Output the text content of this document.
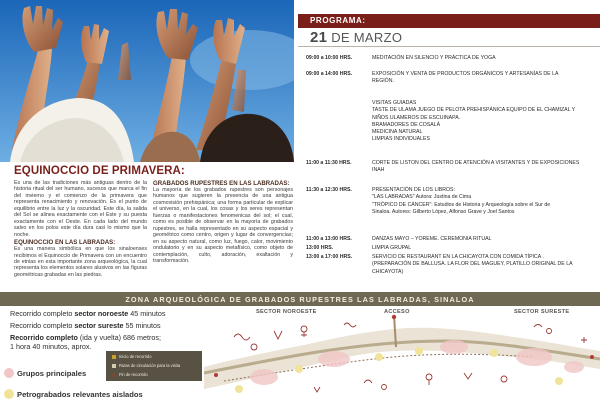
EQUINOCCIO DE PRIMAVERA:

Es una de las tradiciones más antiguas dentro de la historia ritual del ser humano, sucesos que marca el fin del invierno y el comienzo de la primavera que representa renacimiento y renovación. Es el punto de equilibrio entre la luz y la oscuridad. Este día, la salida del Sol se alinea exactamente con el Este y su puesta exactamente con el Oeste. En cada lado del mundo salvo en los polos este día dura casi lo mismo que la noche.

EQUINOCCIO EN LAS LABRADAS:

Es una manera simbólica en que los sinaloenses recibimos el Equinoccio de Primavera con un encuentro de etnias en esta importante zona arqueológica, la cual representa los elementos solares alusivos en las figuras geométricas grabadas en las piedras.

GRABADOS RUPESTRES EN LAS LABRADAS:

La mayoría de los grabados rupestres son personajes humanos que sugieren la presencia de una antigua cosmovisión prehispánica; una forma particular de explicar el universo, en la cual, los cosas y los seres representan fuerzas o manifestaciones fenomenicas del sol; el cual, como es posible de observar en la mayoría de grabados rupestres, se halla representado en su aspecto espacial y geométrico como centro, origen y lugar de convergencias; en su aspecto natural, como luz, fuego, calor, movimiento ondulatorio y en su aspecto metafísico, como objeto de contemplación, culto, adoración, exaltación y transformación.

PROGRAMA:
21 DE MARZO
09:00 a 10:00 HRS.	MEDITACIÓN EN SILENCIO Y PRÁCTICA DE YOGA
09:00 a 14:00 HRS.	EXPOSICIÓN Y VENTA DE PRODUCTOS ORGÁNICOS Y ARTESANÍAS DE LA
REGIÓN.
VISITAS GUIADAS
TASTE DE ULAMA JUEGO DE PELOTA PREHISPÁNICA EQUIPO DE EL CHAMIZAL Y
NIÑOS ULAMEROS DE ESCUINAPA.
BRAMADORES DE COSALÁ
MEDICINA NATURAL
LIMPIAS INDIVIDUALES
11:00 a 11:30 HRS.	CORTE DE LISTON DEL CENTRO DE ATENCIÓN A VISITANTES Y DE EXPOSICIONES
INAH
11:30 a 12:30 HRS.	PRESENTACIÓN DE LOS LIBROS:
"LAS LABRADAS" Autora: Justina de Cima
"TRÓPICO DE CÁNCER": Estudios de Historia y Arqueología sobre el Sur de
Sinaloa. Autores: Gilberto López, Alfonso Grave y Joel Santos
11:00 a 13:00 HRS.	DANZAS MAYO – YOREME. CEREMONIA RITUAL
13:00 HRS.	LIMPIA GRUPAL
13:00 a 17:00 HRS.	SERVICIO DE RESTAURANT EN LA CHICAYOTA CON COMIDA TÍPICA .
(PREPARACIÓN DE BALLUSA. LA FLOR DEL MAGUEY, PLATILLO ORIGINAL DE LA
CHICAYOTA)
ZONA ARQUEOLÓGICA DE GRABADOS RUPESTRES LAS LABRADAS, SINALOA
Recorrido completo sector noroeste 45 minutos
Recorrido completo sector sureste 55 minutos
Recorrido completo (ida y vuelta) 686 metros;
1 hora 40 minutos, aprox.
Inicio de recorrido
Rutas de circulación para la visita
Fin de recorrido
Grupos principales
Petrograbados relevantes aislados
SECTOR NOROESTE	ACCESO	SECTOR SURESTE
